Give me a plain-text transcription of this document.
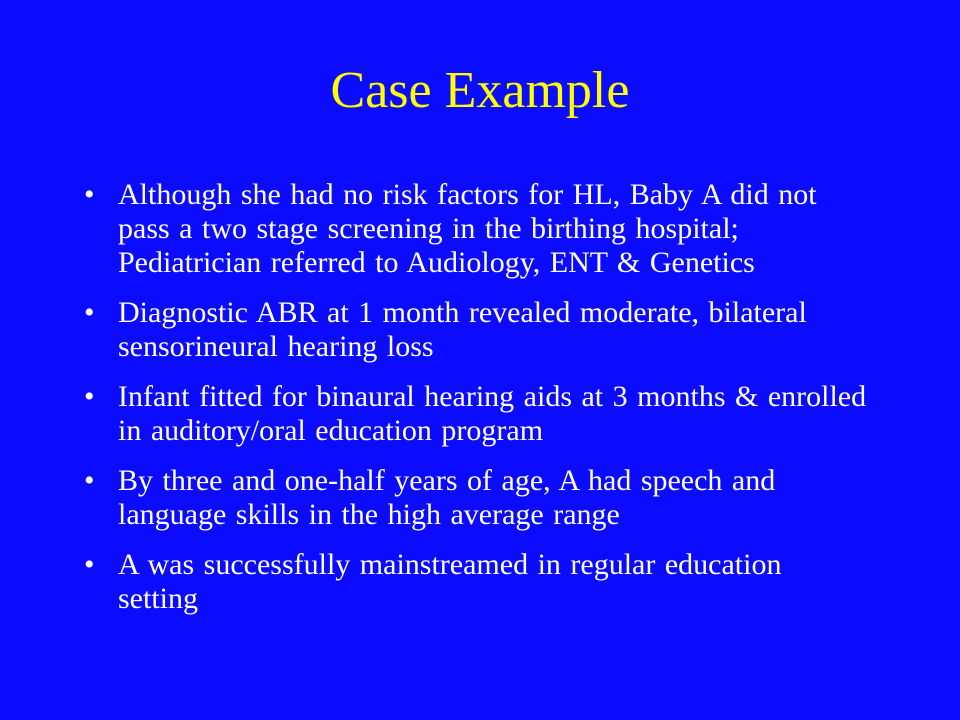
Case Example
• Although she had no risk factors for HL, Baby A did not pass a two stage screening in the birthing hospital; Pediatrician referred to Audiology, ENT & Genetics
• Diagnostic ABR at 1 month revealed moderate, bilateral sensorineural hearing loss
• Infant fitted for binaural hearing aids at 3 months & enrolled in auditory/oral education program
• By three and one-half years of age, A had speech and language skills in the high average range
• A was successfully mainstreamed in regular education setting
